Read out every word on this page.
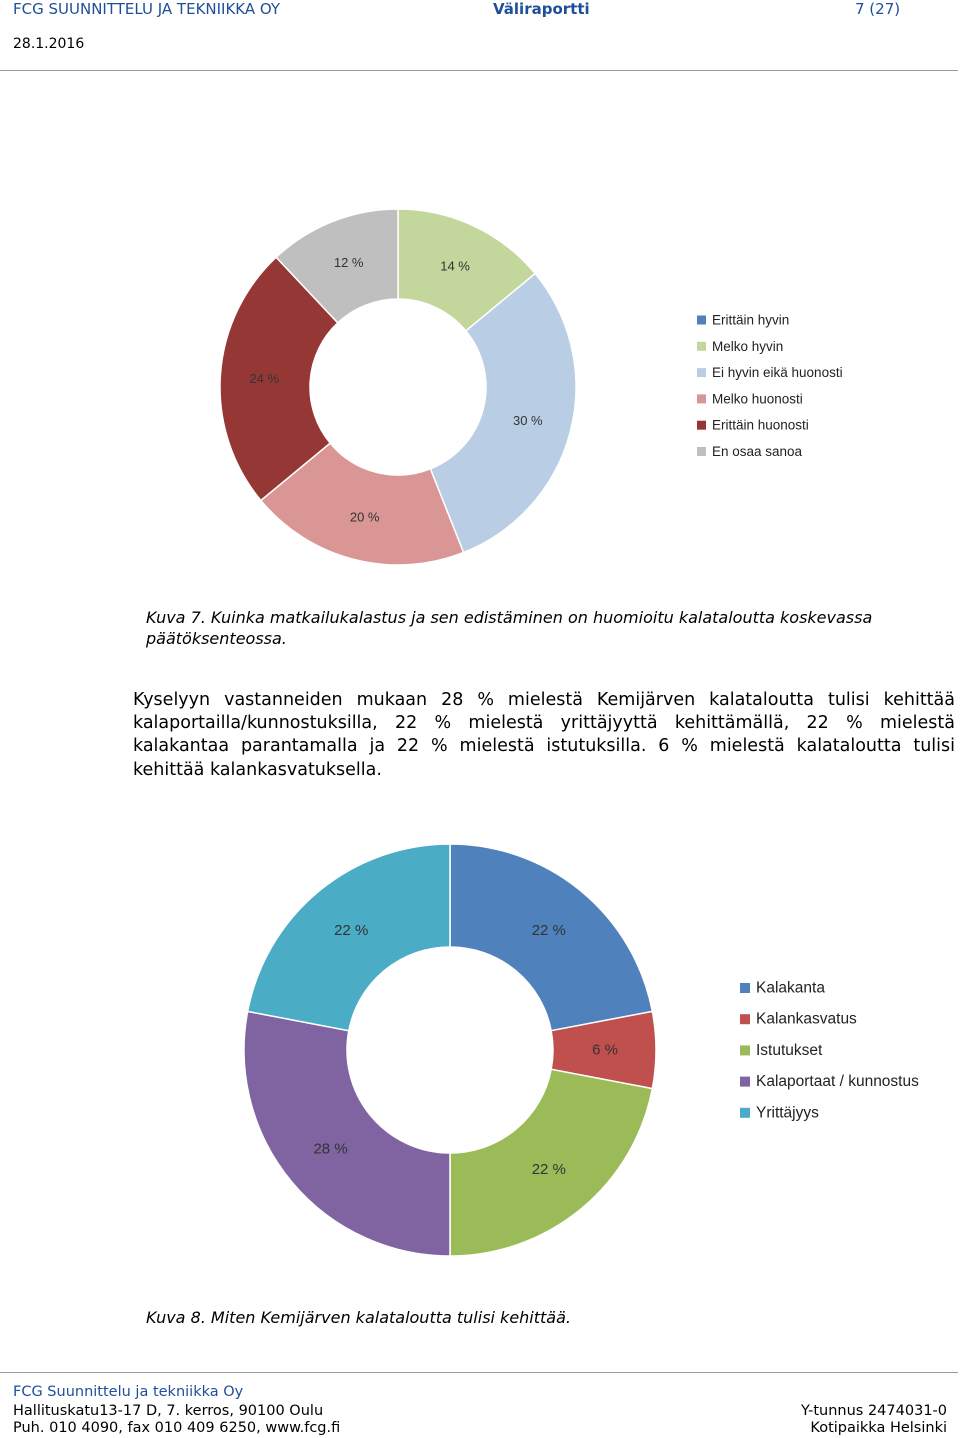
FCG SUUNNITTELU JA TEKNIIKKA OY	Väliraportti	7 (27)
28.1.2016
14 %
30 %
20 %
24 %
12 %
Erittäin hyvin
Melko hyvin
Ei hyvin eikä huonosti
Melko huonosti
Erittäin huonosti
En osaa sanoa
Kuva 7. Kuinka matkailukalastus ja sen edistäminen on huomioitu kalataloutta koskevassa päätöksenteossa.
Kyselyyn vastanneiden mukaan 28 % mielestä Kemijärven kalataloutta tulisi kehittää kalaportailla/kunnostuksilla, 22 % mielestä yrittäjyyttä kehittämällä, 22 % mielestä kalakantaa parantamalla ja 22 % mielestä istutuksilla. 6 % mielestä kalataloutta tulisi kehittää kalankasvatuksella.
22 %
6 %
22 %
28 %
22 %
Kalakanta
Kalankasvatus
Istutukset
Kalaportaat / kunnostus
Yrittäjyys
Kuva 8. Miten Kemijärven kalataloutta tulisi kehittää.
FCG Suunnittelu ja tekniikka Oy
Hallituskatu13-17 D, 7. kerros, 90100 Oulu
Puh. 010 4090, fax 010 409 6250, www.fcg.fi
Y-tunnus 2474031-0
Kotipaikka Helsinki
